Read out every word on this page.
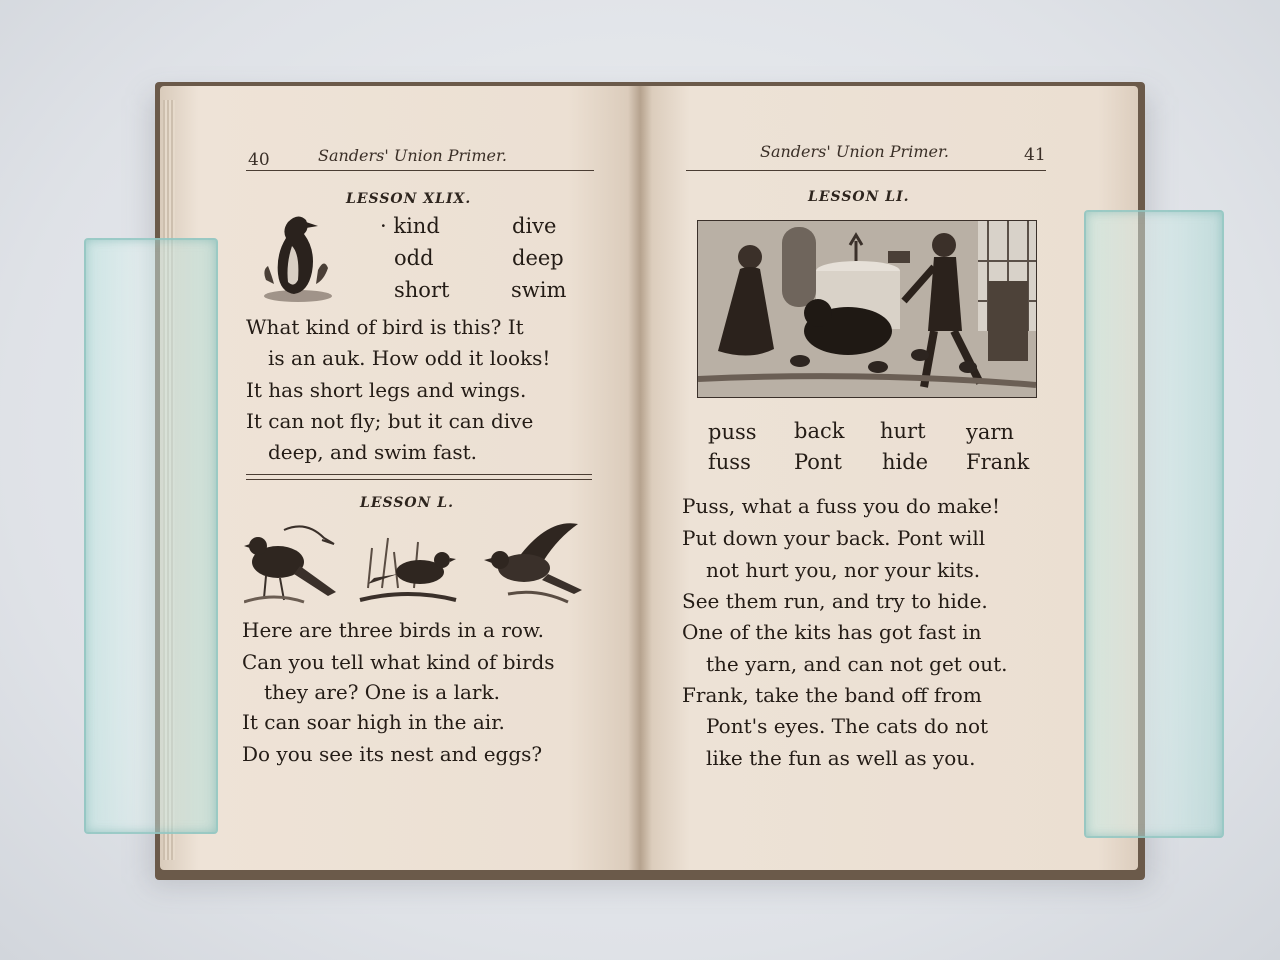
40	Sanders' Union Primer.
LESSON XLIX.
· kind	dive
odd	deep
short	swim
What kind of bird is this? It
is an auk. How odd it looks!
It has short legs and wings.
It can not fly; but it can dive
deep, and swim fast.
LESSON L.
Here are three birds in a row.
Can you tell what kind of birds
they are? One is a lark.
It can soar high in the air.
Do you see its nest and eggs?
Sanders' Union Primer.	41
LESSON LI.
puss back hurt yarn
fuss Pont hide Frank
Puss, what a fuss you do make!
Put down your back. Pont will
not hurt you, nor your kits.
See them run, and try to hide.
One of the kits has got fast in
the yarn, and can not get out.
Frank, take the band off from
Pont's eyes. The cats do not
like the fun as well as you.
